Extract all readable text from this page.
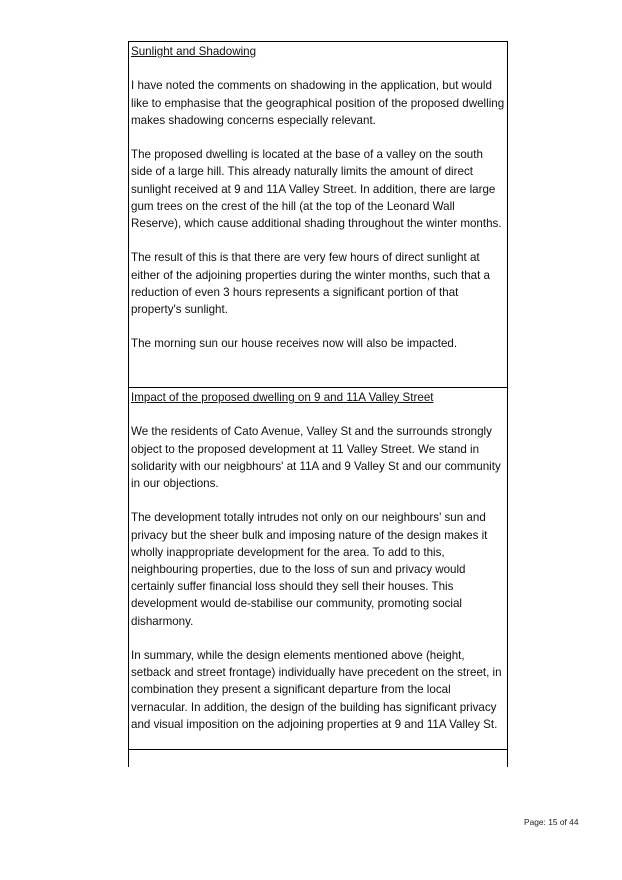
Sunlight and Shadowing
I have noted the comments on shadowing in the application, but would like to emphasise that the geographical position of the proposed dwelling makes shadowing concerns especially relevant.
The proposed dwelling is located at the base of a valley on the south side of a large hill. This already naturally limits the amount of direct sunlight received at 9 and 11A Valley Street. In addition, there are large gum trees on the crest of the hill (at the top of the Leonard Wall Reserve), which cause additional shading throughout the winter months.
The result of this is that there are very few hours of direct sunlight at either of the adjoining properties during the winter months, such that a reduction of even 3 hours represents a significant portion of that property's sunlight.
The morning sun our house receives now will also be impacted.
Impact of the proposed dwelling on 9 and 11A Valley Street
We the residents of Cato Avenue, Valley St and the surrounds strongly object to the proposed development at 11 Valley Street. We stand in solidarity with our neigbhours' at 11A and 9 Valley St and our community in our objections.
The development totally intrudes not only on our neighbours' sun and privacy but the sheer bulk and imposing nature of the design makes it wholly inappropriate development for the area. To add to this, neighbouring properties, due to the loss of sun and privacy would certainly suffer financial loss should they sell their houses. This development would de-stabilise our community, promoting social disharmony.
In summary, while the design elements mentioned above (height, setback and street frontage) individually have precedent on the street, in combination they present a significant departure from the local vernacular. In addition, the design of the building has significant privacy and visual imposition on the adjoining properties at 9 and 11A Valley St.
Page: 15 of 44
